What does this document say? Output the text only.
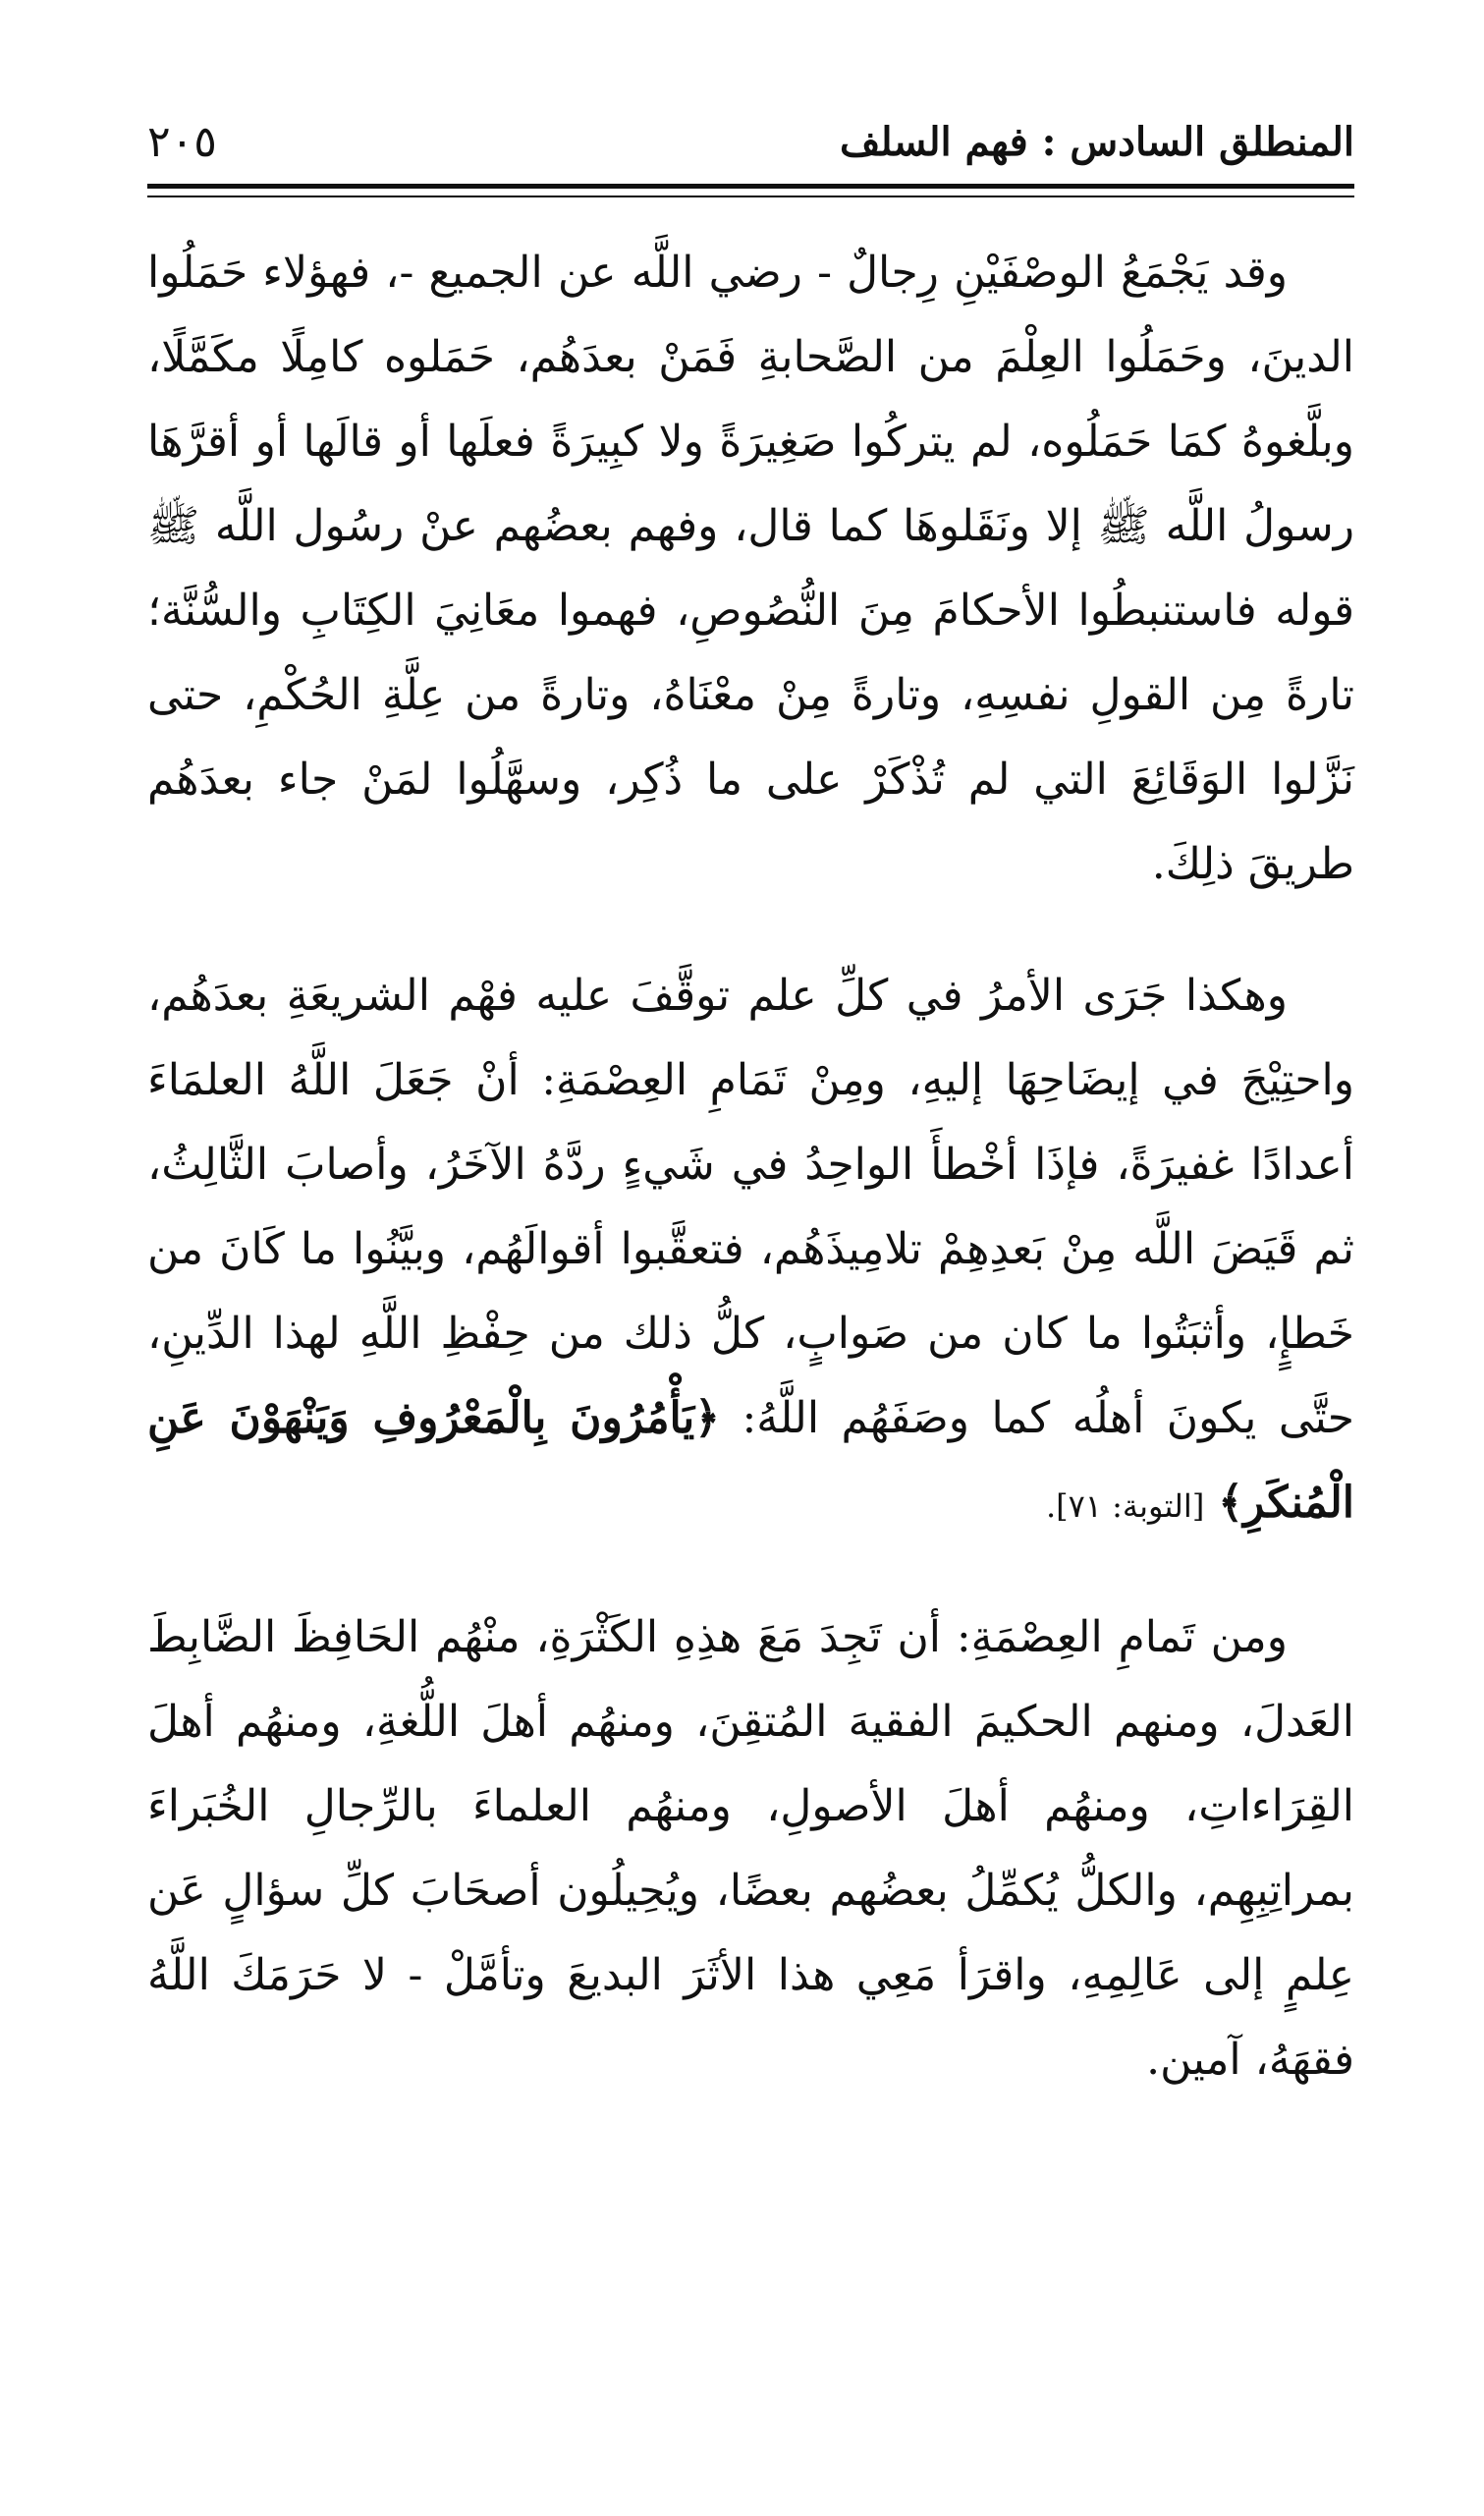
المنطلق السادس : فهم السلف
٢٠٥

وقد يَجْمَعُ الوصْفَيْنِ رِجالٌ - رضي اللَّه عن الجميع -، فهؤلاء حَمَلُوا الدينَ، وحَمَلُوا العِلْمَ من الصَّحابةِ فَمَنْ بعدَهُم، حَمَلوه كامِلًا مكَمَّلًا، وبلَّغوهُ كمَا حَمَلُوه، لم يتركُوا صَغِيرَةً ولا كبِيرَةً فعلَها أو قالَها أو أقرَّهَا رسولُ اللَّه ﷺ إلا ونَقَلوهَا كما قال، وفهم بعضُهم عنْ رسُول اللَّه ﷺ قوله فاستنبطُوا الأحكامَ مِنَ النُّصُوصِ، فهموا معَانِيَ الكِتَابِ والسُّنَّة؛ تارةً مِن القولِ نفسِهِ، وتارةً مِنْ معْنَاهُ، وتارةً من عِلَّةِ الحُكْمِ، حتى نَزَّلوا الوَقَائِعَ التي لم تُذْكَرْ على ما ذُكِر، وسهَّلُوا لمَنْ جاء بعدَهُم طريقَ ذلِكَ.

وهكذا جَرَى الأمرُ في كلِّ علم توقَّفَ عليه فهْم الشريعَةِ بعدَهُم، واحتِيْجَ في إيضَاحِهَا إليهِ، ومِنْ تَمَامِ العِصْمَةِ: أنْ جَعَلَ اللَّهُ العلمَاءَ أعدادًا غفيرَةً، فإذَا أخْطأَ الواحِدُ في شَيءٍ ردَّهُ الآخَرُ، وأصابَ الثَّالِثُ، ثم قَيَضَ اللَّه مِنْ بَعدِهِمْ تلامِيذَهُم، فتعقَّبوا أقوالَهُم، وبيَّنُوا ما كَانَ من خَطإٍ، وأثبَتُوا ما كان من صَوابٍ، كلُّ ذلك من حِفْظِ اللَّهِ لهذا الدِّينِ، حتَّى يكونَ أهلُه كما وصَفَهُم اللَّهُ: ﴿يَأْمُرُونَ بِالْمَعْرُوفِ وَيَنْهَوْنَ عَنِ الْمُنكَرِ﴾ [التوبة: ٧١].

ومن تَمامِ العِصْمَةِ: أن تَجِدَ مَعَ هذِهِ الكَثْرَةِ، منْهُم الحَافِظَ الضَّابِطَ العَدلَ، ومنهم الحكيمَ الفقيهَ المُتقِنَ، ومنهُم أهلَ اللُّغةِ، ومنهُم أهلَ القِرَاءاتِ، ومنهُم أهلَ الأصولِ، ومنهُم العلماءَ بالرِّجالِ الخُبَراءَ بمراتِبِهِم، والكلُّ يُكمِّلُ بعضُهم بعضًا، ويُحِيلُون أصحَابَ كلِّ سؤالٍ عَن عِلمٍ إلى عَالِمِهِ، واقرَأ مَعِي هذا الأثَرَ البديعَ وتأمَّلْ - لا حَرَمَكَ اللَّهُ فقهَهُ، آمين.
